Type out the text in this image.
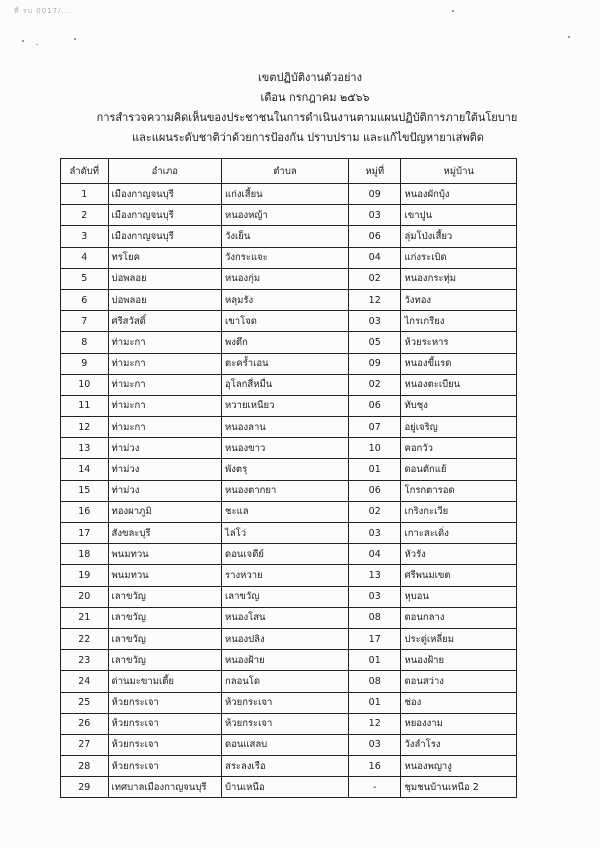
ที่ รบ 0017/...
เขตปฏิบัติงานตัวอย่าง
เดือน กรกฎาคม ๒๕๖๖
การสำรวจความคิดเห็นของประชาชนในการดำเนินงานตามแผนปฏิบัติการภายใต้นโยบาย
และแผนระดับชาติว่าด้วยการป้องกัน ปราบปราม และแก้ไขปัญหายาเสพติด
ลำดับที่	อำเภอ	ตำบล	หมู่ที่	หมู่บ้าน
1	เมืองกาญจนบุรี	แก่งเสี้ยน	09	หนองผักบุ้ง
2	เมืองกาญจนบุรี	หนองหญ้า	03	เขาปูน
3	เมืองกาญจนบุรี	วังเย็น	06	ลุ่มโป่งเสี้ยว
4	ทรโยค	วังกระแจะ	04	แก่งระเบิด
5	บ่อพลอย	หนองกุ่ม	02	หนองกระทุ่ม
6	บ่อพลอย	หลุมรัง	12	วังทอง
7	ศรีสวัสดิ์	เขาโจด	03	ไกรเกรียง
8	ท่ามะกา	พงตึก	05	ห้วยระหาร
9	ท่ามะกา	ตะคร้ำเอน	09	หนองขี้แรด
10	ท่ามะกา	อุโลกสี่หมื่น	02	หนองตะเบียน
11	ท่ามะกา	หวายเหนียว	06	ทับชุง
12	ท่ามะกา	หนองลาน	07	อยู่เจริญ
13	ท่าม่วง	หนองขาว	10	คอกวัว
14	ท่าม่วง	พังตรุ	01	ดอนตักแย้
15	ท่าม่วง	หนองตากยา	06	โกรกตารอด
16	ทองผาภูมิ	ชะแล	02	เกริงกะเวีย
17	สังขละบุรี	ไล่โว่	03	เกาะสะเดิ่ง
18	พนมทวน	ดอนเจดีย์	04	หัวรัง
19	พนมทวน	รางหวาย	13	ศรีพนมเขต
20	เลาขวัญ	เลาขวัญ	03	หุบอน
21	เลาขวัญ	หนองโสน	08	ดอนกลาง
22	เลาขวัญ	หนองปลิง	17	ประดู่เหลี่ยม
23	เลาขวัญ	หนองฝ้าย	01	หนองฝ้าย
24	ด่านมะขามเตี้ย	กลอนโด	08	ดอนสว่าง
25	ห้วยกระเจา	ห้วยกระเจา	01	ช่อง
26	ห้วยกระเจา	ห้วยกระเจา	12	หยองงาม
27	ห้วยกระเจา	ดอนแสลบ	03	วังลำโรง
28	ห้วยกระเจา	สระลงเรือ	16	หนองพญางู
29	เทศบาลเมืองกาญจนบุรี	บ้านเหนือ	-	ชุมชนบ้านเหนือ 2
